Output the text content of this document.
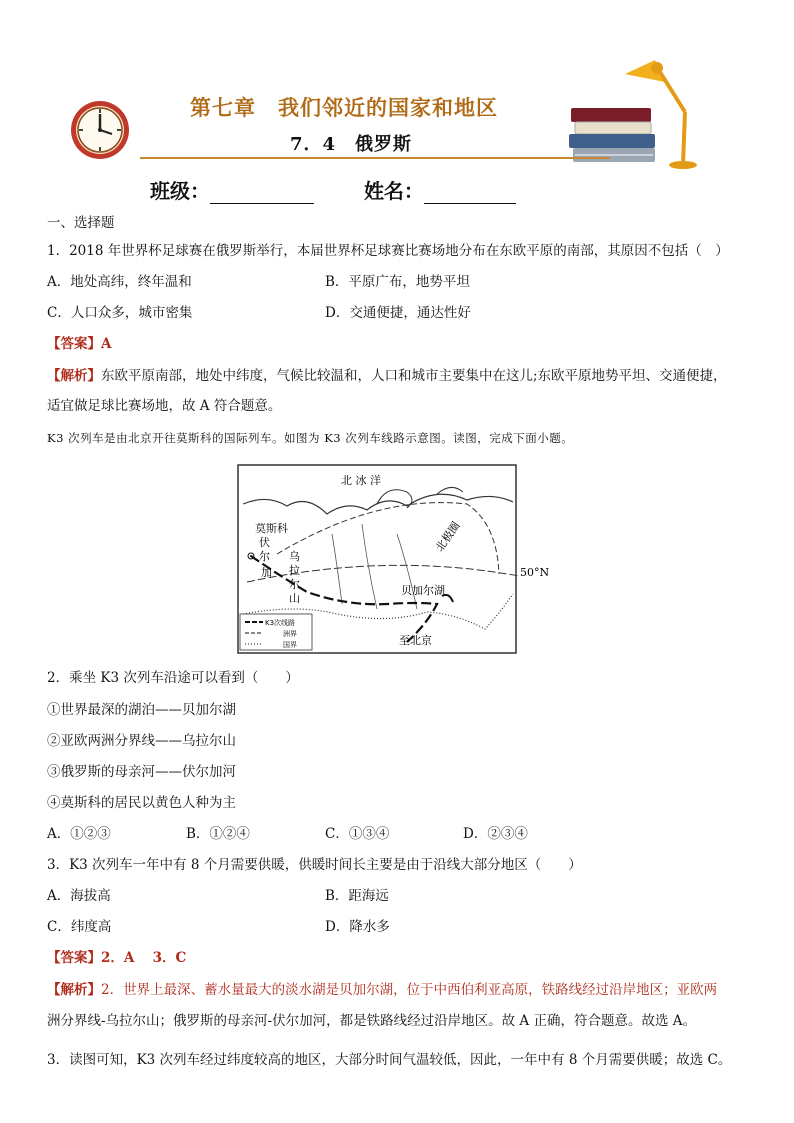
第七章　我们邻近的国家和地区
7．4　俄罗斯
班级：	姓名：
一、选择题
1．2018 年世界杯足球赛在俄罗斯举行，本届世界杯足球赛比赛场地分布在东欧平原的南部，其原因不包括（　）
A．地处高纬，终年温和	B．平原广布，地势平坦
C．人口众多，城市密集	D．交通便捷，通达性好
【答案】A
【解析】东欧平原南部，地处中纬度，气候比较温和，人口和城市主要集中在这儿;东欧平原地势平坦、交通便捷，
适宜做足球比赛场地，故 A 符合题意。
K3 次列车是由北京开往莫斯科的国际列车。如图为 K3 次列车线路示意图。读图，完成下面小题。
K3次线路
洲界
国界
北 冰 洋
莫斯科
伏
尔
加
乌
拉
尔
山
北极圈
50°N
贝加尔湖
至北京
2．乘坐 K3 次列车沿途可以看到（　　）
①世界最深的湖泊——贝加尔湖
②亚欧两洲分界线——乌拉尔山
③俄罗斯的母亲河——伏尔加河
④莫斯科的居民以黄色人种为主
A．①②③	B．①②④	C．①③④	D．②③④
3．K3 次列车一年中有 8 个月需要供暖，供暖时间长主要是由于沿线大部分地区（　　）
A．海拔高	B．距海远
C．纬度高	D．降水多
【答案】2．A　 3．C
【解析】2．世界上最深、蓄水量最大的淡水湖是贝加尔湖，位于中西伯利亚高原，铁路线经过沿岸地区；亚欧两
洲分界线-乌拉尔山；俄罗斯的母亲河-伏尔加河，都是铁路线经过沿岸地区。故 A 正确，符合题意。故选 A。
3．读图可知，K3 次列车经过纬度较高的地区，大部分时间气温较低，因此，一年中有 8 个月需要供暖；故选 C。
